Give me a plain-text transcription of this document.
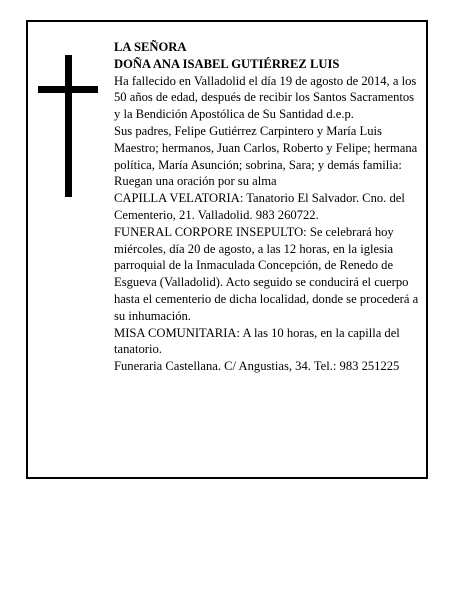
LA SEÑORA

DOÑA ANA ISABEL GUTIÉRREZ LUIS

Ha fallecido en Valladolid el día 19 de agosto de 2014, a los 50 años de edad, después de recibir los Santos Sacramentos y la Bendición Apostólica de Su Santidad d.e.p.

Sus padres, Felipe Gutiérrez Carpintero y María Luis Maestro; hermanos, Juan Carlos, Roberto y Felipe; hermana política, María Asunción; sobrina, Sara; y demás familia:

Ruegan una oración por su alma

CAPILLA VELATORIA: Tanatorio El Salvador. Cno. del Cementerio, 21. Valladolid. 983 260722.

FUNERAL CORPORE INSEPULTO: Se celebrará hoy miércoles, día 20 de agosto, a las 12 horas, en la iglesia parroquial de la Inmaculada Concepción, de Renedo de Esgueva (Valladolid). Acto seguido se conducirá el cuerpo hasta el cementerio de dicha localidad, donde se procederá a su inhumación.

MISA COMUNITARIA: A las 10 horas, en la capilla del tanatorio.

Funeraria Castellana. C/ Angustias, 34. Tel.: 983 251225
